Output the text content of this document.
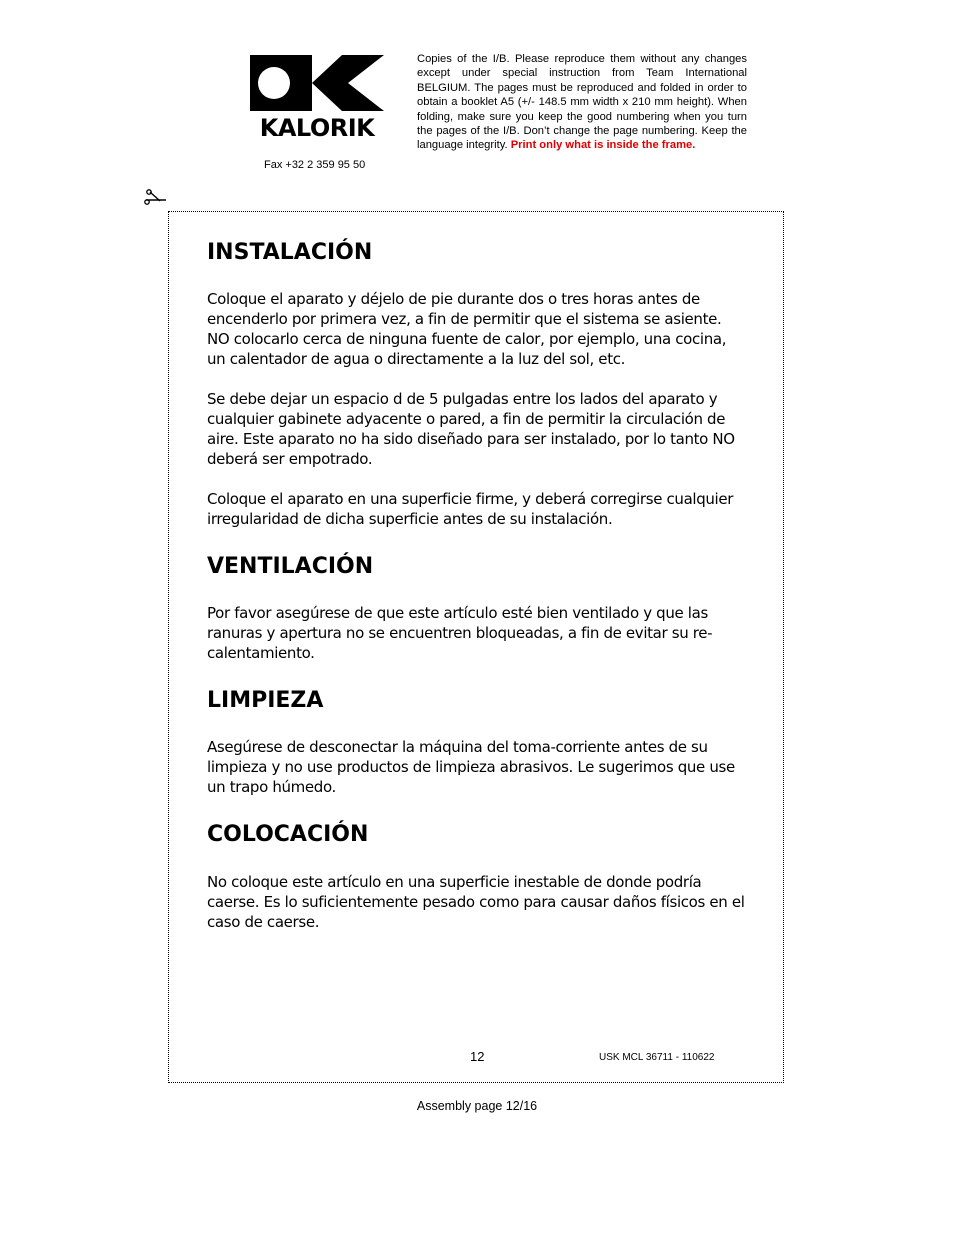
KALORIK
Fax +32 2 359 95 50
Copies of the I/B. Please reproduce them without any changes except under special instruction from Team International BELGIUM. The pages must be reproduced and folded in order to obtain a booklet A5 (+/- 148.5 mm width x 210 mm height). When folding, make sure you keep the good numbering when you turn the pages of the I/B. Don’t change the page numbering. Keep the language integrity. Print only what is inside the frame.
INSTALACIÓN

Coloque el aparato y déjelo de pie durante dos o tres horas antes de encenderlo por primera vez, a fin de permitir que el sistema se asiente. NO colocarlo cerca de ninguna fuente de calor, por ejemplo, una cocina, un calentador de agua o directamente a la luz del sol, etc.

Se debe dejar un espacio d de 5 pulgadas entre los lados del aparato y cualquier gabinete adyacente o pared, a fin de permitir la circulación de aire. Este aparato no ha sido diseñado para ser instalado, por lo tanto NO deberá ser empotrado.

Coloque el aparato en una superficie firme, y deberá corregirse cualquier irregularidad de dicha superficie antes de su instalación.

VENTILACIÓN

Por favor asegúrese de que este artículo esté bien ventilado y que las ranuras y apertura no se encuentren bloqueadas, a fin de evitar su re-calentamiento.

LIMPIEZA

Asegúrese de desconectar la máquina del toma-corriente antes de su limpieza y no use productos de limpieza abrasivos. Le sugerimos que use un trapo húmedo.

COLOCACIÓN

No coloque este artículo en una superficie inestable de donde podría caerse. Es lo suficientemente pesado como para causar daños físicos en el caso de caerse.

12	USK MCL 36711 - 110622
Assembly page 12/16
